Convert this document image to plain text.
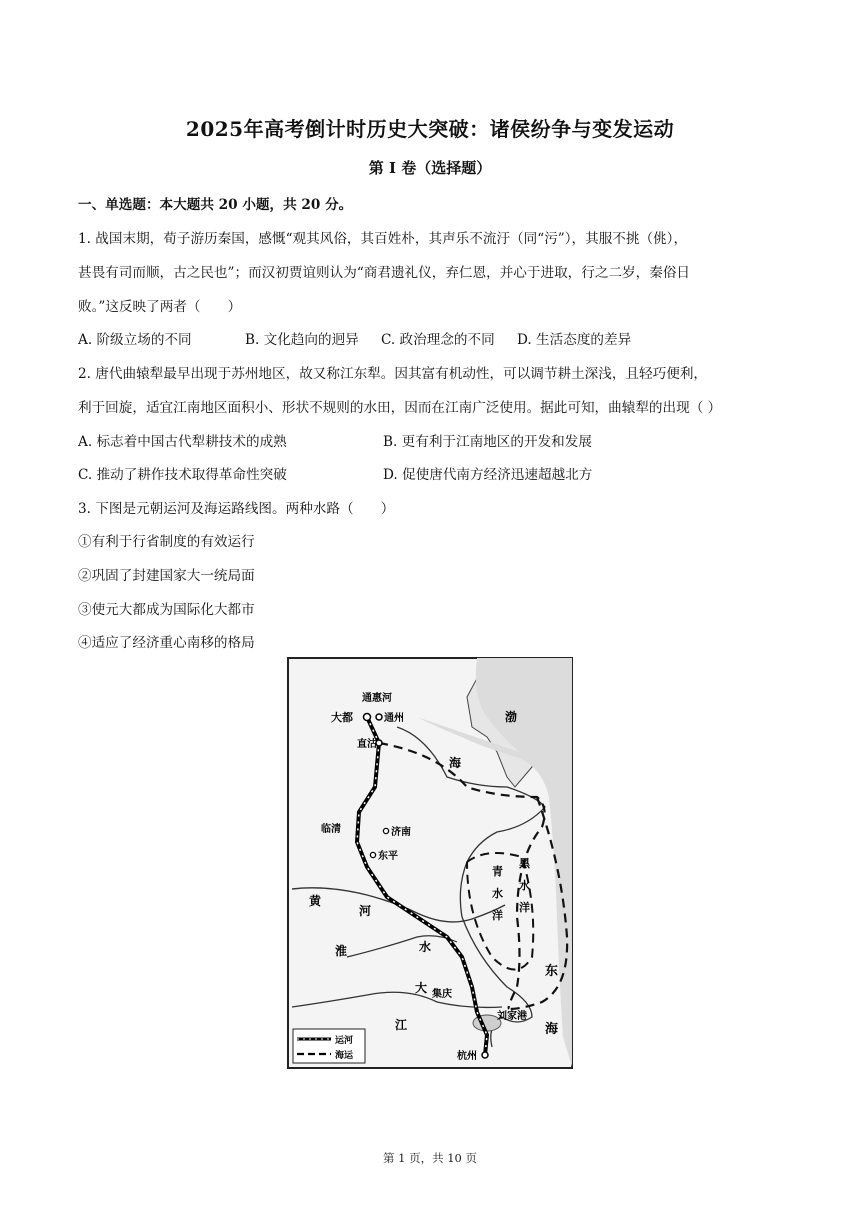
2025年高考倒计时历史大突破：诸侯纷争与变发运动
第 I 卷（选择题）
一、单选题：本大题共 20 小题，共 20 分。
1. 战国末期，荀子游历秦国，感慨“观其风俗，其百姓朴，其声乐不流汙（同“污”），其服不挑（佻），
甚畏有司而顺，古之民也”；而汉初贾谊则认为“商君遗礼仪，弃仁恩，并心于进取，行之二岁，秦俗日
败。”这反映了两者（　　）
A. 阶级立场的不同	B. 文化趋向的迥异 C. 政治理念的不同 D. 生活态度的差异
2. 唐代曲辕犁最早出现于苏州地区，故又称江东犁。因其富有机动性，可以调节耕土深浅，且轻巧便利，
利于回旋，适宜江南地区面积小、形状不规则的水田，因而在江南广泛使用。据此可知，曲辕犁的出现（ ）
A. 标志着中国古代犁耕技术的成熟	B. 更有利于江南地区的开发和发展
C. 推动了耕作技术取得革命性突破	D. 促使唐代南方经济迅速超越北方
3. 下图是元朝运河及海运路线图。两种水路（　　）
①有利于行省制度的有效运行
②巩固了封建国家大一统局面
③使元大都成为国际化大都市
④适应了经济重心南移的格局
通惠河
大都	通州
直沽
临清	济南
东平
集庆
刘家港
杭州
渤
海
黄
河
淮	水
大
江
东
海
青
水
洋
黑
水
洋
运河
海运
第 1 页，共 10 页
